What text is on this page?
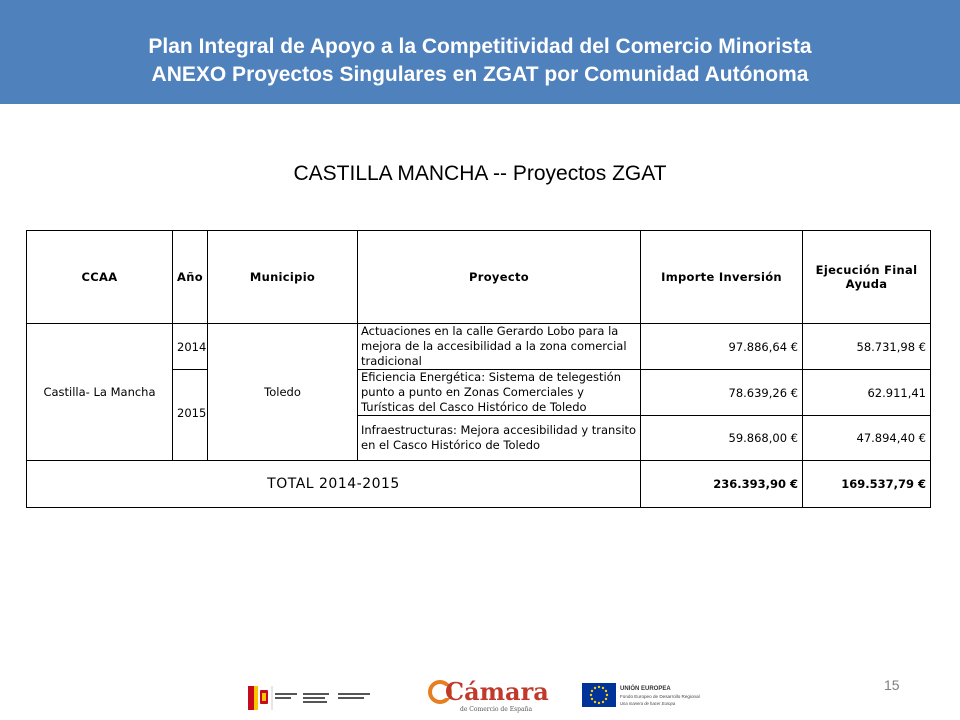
Plan Integral de Apoyo a la Competitividad del Comercio Minorista
ANEXO Proyectos Singulares en ZGAT por Comunidad Autónoma
CASTILLA MANCHA -- Proyectos ZGAT
CCAA	Año	Municipio	Proyecto	Importe Inversión	Ejecución Final Ayuda
Castilla- La Mancha	2014	Toledo	Actuaciones en la calle Gerardo Lobo para la mejora de la accesibilidad a la zona comercial tradicional	97.886,64 €	58.731,98 €
	2015		Eficiencia Energética: Sistema de telegestión punto a punto en Zonas Comerciales y Turísticas del Casco Histórico de Toledo	78.639,26 €	62.911,41
			Infraestructuras: Mejora accesibilidad y transito en el Casco Histórico de Toledo	59.868,00 €	47.894,40 €
TOTAL 2014-2015				236.393,90 €	169.537,79 €
Cámara
de Comercio de España
UNIÓN EUROPEA
Fondo Europeo de Desarrollo Regional
Una manera de hacer Europa
15
